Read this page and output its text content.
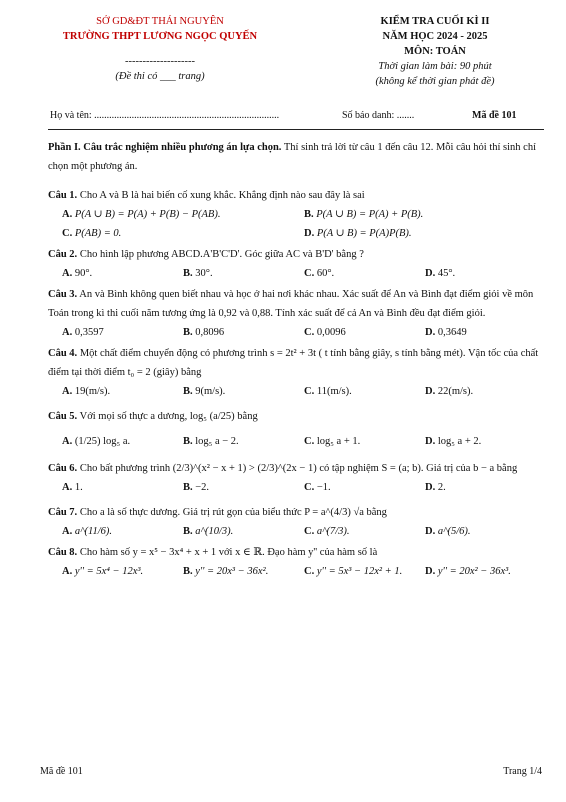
SỞ GD&ĐT THÁI NGUYÊN
TRƯỜNG THPT LƯƠNG NGỌC QUYẾN
--------------------
(Đề thi có ___ trang)
KIỂM TRA CUỐI KÌ II
NĂM HỌC 2024 - 2025
MÔN: TOÁN
Thời gian làm bài: 90 phút
(không kể thời gian phát đề)
Họ và tên: ..........................................................................	Số báo danh: .......	Mã đề 101
Phần I. Câu trắc nghiệm nhiều phương án lựa chọn. Thí sinh trả lời từ câu 1 đến câu 12. Mỗi câu hỏi thí sinh chỉ chọn một phương án.
Câu 1. Cho A và B là hai biến cố xung khắc. Khẳng định nào sau đây là sai
A. P(A ∪ B) = P(A) + P(B) − P(AB).	B. P(A ∪ B) = P(A) + P(B).
C. P(AB) = 0.	D. P(A ∪ B) = P(A)P(B).
Câu 2. Cho hình lập phương ABCD.A'B'C'D'. Góc giữa AC và B'D' bằng ?
A. 90°.	B. 30°.	C. 60°.	D. 45°.
Câu 3. An và Bình không quen biết nhau và học ở hai nơi khác nhau. Xác suất để An và Bình đạt điểm giỏi về môn Toán trong kì thi cuối năm tương ứng là 0,92 và 0,88. Tính xác suất để cả An và Bình đều đạt điểm giỏi.
A. 0,3597	B. 0,8096	C. 0,0096	D. 0,3649
Câu 4. Một chất điểm chuyển động có phương trình s = 2t² + 3t ( t tính bằng giây, s tính bằng mét). Vận tốc của chất điểm tại thời điểm t₀ = 2 (giây) bằng
A. 19(m/s).	B. 9(m/s).	C. 11(m/s).	D. 22(m/s).
Câu 5. Với mọi số thực a dương, log₅ (a/25) bằng
A. (1/25) log₅ a.	B. log₅ a − 2.	C. log₅ a + 1.	D. log₅ a + 2.
Câu 6. Cho bất phương trình (2/3)^(x² − x + 1) > (2/3)^(2x − 1) có tập nghiệm S = (a; b). Giá trị của b − a bằng
A. 1.	B. −2.	C. −1.	D. 2.
Câu 7. Cho a là số thực dương. Giá trị rút gọn của biểu thức P = a^(4/3) √a bằng
A. a^(11/6).	B. a^(10/3).	C. a^(7/3).	D. a^(5/6).
Câu 8. Cho hàm số y = x⁵ − 3x⁴ + x + 1 với x ∈ ℝ. Đạo hàm y'' của hàm số là
A. y'' = 5x⁴ − 12x³.	B. y'' = 20x³ − 36x².	C. y'' = 5x³ − 12x² + 1.	D. y'' = 20x² − 36x³.
Mã đề 101	Trang 1/4
